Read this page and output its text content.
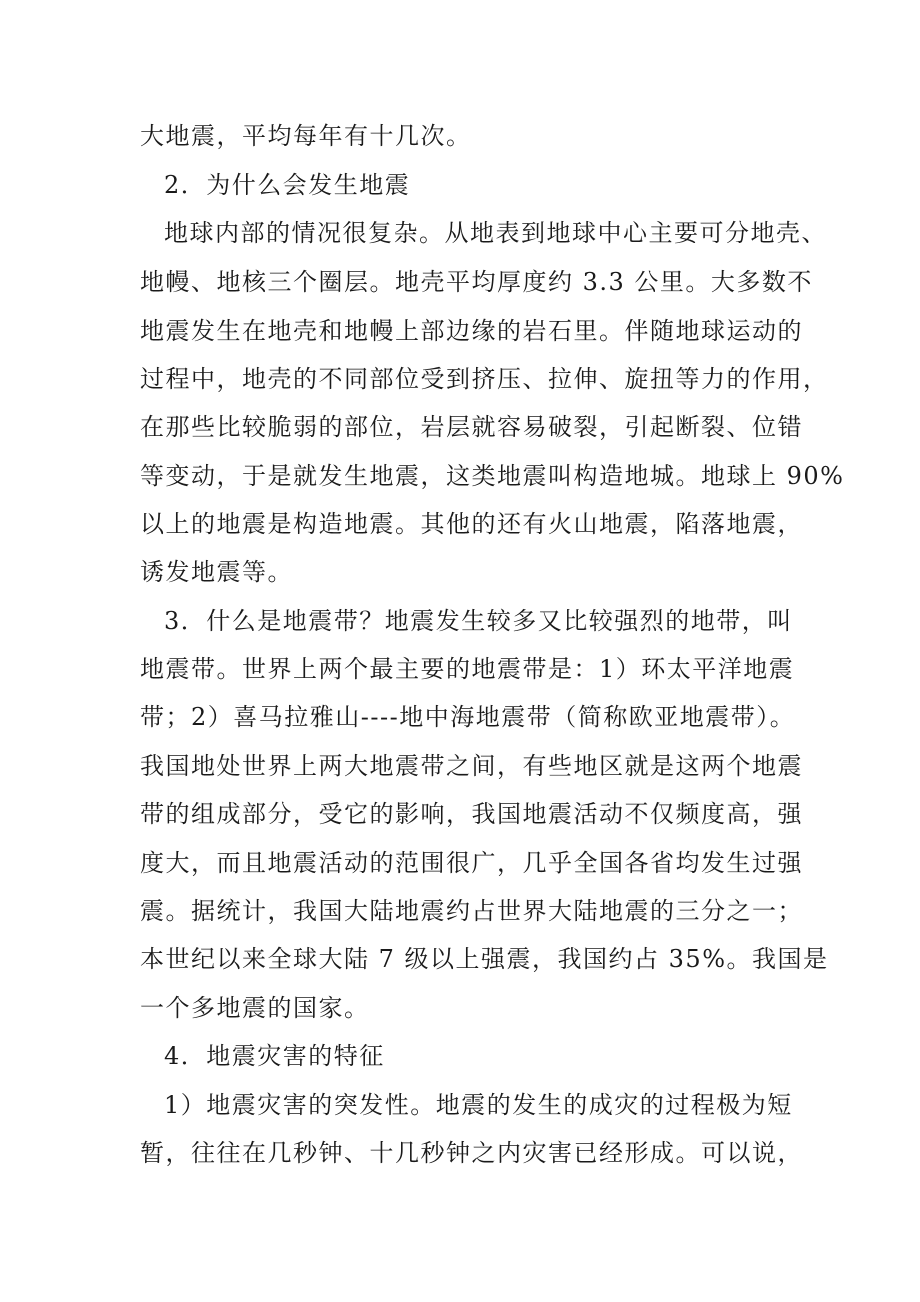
大地震，平均每年有十几次。
2．为什么会发生地震
地球内部的情况很复杂。从地表到地球中心主要可分地壳、
地幔、地核三个圈层。地壳平均厚度约 3.3 公里。大多数不
地震发生在地壳和地幔上部边缘的岩石里。伴随地球运动的
过程中，地壳的不同部位受到挤压、拉伸、旋扭等力的作用，
在那些比较脆弱的部位，岩层就容易破裂，引起断裂、位错
等变动，于是就发生地震，这类地震叫构造地城。地球上 90%
以上的地震是构造地震。其他的还有火山地震，陷落地震，
诱发地震等。
3．什么是地震带？地震发生较多又比较强烈的地带，叫
地震带。世界上两个最主要的地震带是：1）环太平洋地震
带；2）喜马拉雅山----地中海地震带（简称欧亚地震带）。
我国地处世界上两大地震带之间，有些地区就是这两个地震
带的组成部分，受它的影响，我国地震活动不仅频度高，强
度大，而且地震活动的范围很广，几乎全国各省均发生过强
震。据统计，我国大陆地震约占世界大陆地震的三分之一；
本世纪以来全球大陆 7 级以上强震，我国约占 35%。我国是
一个多地震的国家。
4．地震灾害的特征
1）地震灾害的突发性。地震的发生的成灾的过程极为短
暂，往往在几秒钟、十几秒钟之内灾害已经形成。可以说，
